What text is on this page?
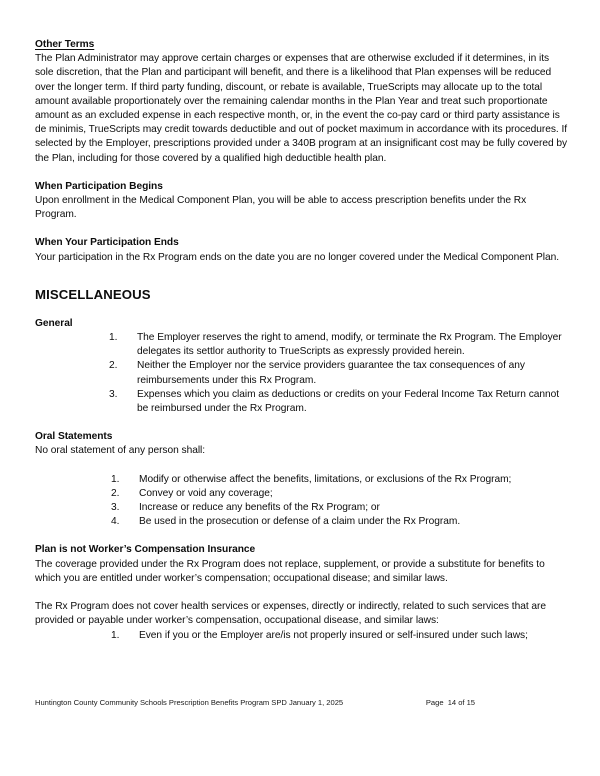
Other Terms

The Plan Administrator may approve certain charges or expenses that are otherwise excluded if it determines, in its sole discretion, that the Plan and participant will benefit, and there is a likelihood that Plan expenses will be reduced over the longer term. If third party funding, discount, or rebate is available, TrueScripts may allocate up to the total amount available proportionately over the remaining calendar months in the Plan Year and treat such proportionate amount as an excluded expense in each respective month, or, in the event the co-pay card or third party assistance is de minimis, TrueScripts may credit towards deductible and out of pocket maximum in accordance with its procedures. If selected by the Employer, prescriptions provided under a 340B program at an insignificant cost may be fully covered by the Plan, including for those covered by a qualified high deductible health plan.

When Participation Begins

Upon enrollment in the Medical Component Plan, you will be able to access prescription benefits under the Rx Program.

When Your Participation Ends

Your participation in the Rx Program ends on the date you are no longer covered under the Medical Component Plan.

MISCELLANEOUS
General
1.	The Employer reserves the right to amend, modify, or terminate the Rx Program. The Employer delegates its settlor authority to TrueScripts as expressly provided herein.
2.	Neither the Employer nor the service providers guarantee the tax consequences of any reimbursements under this Rx Program.
3.	Expenses which you claim as deductions or credits on your Federal Income Tax Return cannot be reimbursed under the Rx Program.
Oral Statements

No oral statement of any person shall:

1.	Modify or otherwise affect the benefits, limitations, or exclusions of the Rx Program;
2.	Convey or void any coverage;
3.	Increase or reduce any benefits of the Rx Program; or
4.	Be used in the prosecution or defense of a claim under the Rx Program.
Plan is not Worker’s Compensation Insurance

The coverage provided under the Rx Program does not replace, supplement, or provide a substitute for benefits to which you are entitled under worker’s compensation; occupational disease; and similar laws.

The Rx Program does not cover health services or expenses, directly or indirectly, related to such services that are provided or payable under worker’s compensation, occupational disease, and similar laws:

1.	Even if you or the Employer are/is not properly insured or self-insured under such laws;
Huntington County Community Schools Prescription Benefits Program SPD January 1, 2025	Page  14 of 15
